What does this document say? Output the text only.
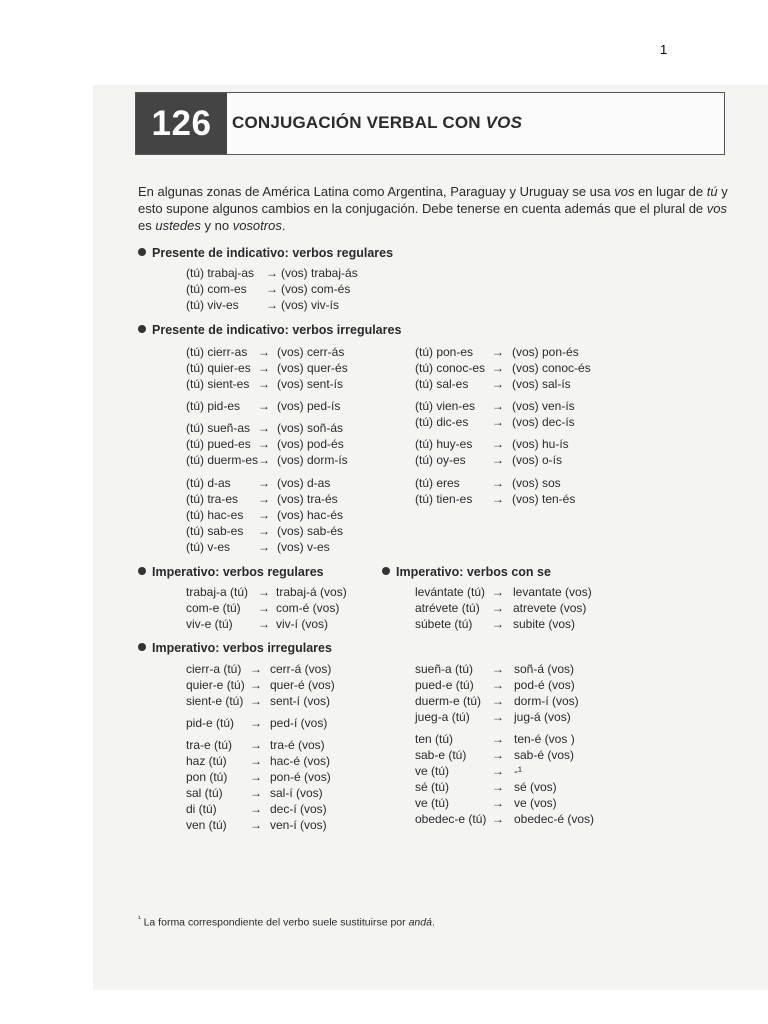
1
126	CONJUGACIÓN VERBAL CON VOS
En algunas zonas de América Latina como Argentina, Paraguay y Uruguay se usa vos en lugar de tú y esto supone algunos cambios en la conjugación. Debe tenerse en cuenta además que el plural de vos es ustedes y no vosotros.
Presente de indicativo: verbos regulares
(tú) trabaj-as → (vos) trabaj-ás
(tú) com-es → (vos) com-és
(tú) viv-es → (vos) viv-ís
Presente de indicativo: verbos irregulares
(tú) cierr-as → (vos) cerr-ás
(tú) quier-es → (vos) quer-és
(tú) sient-es → (vos) sent-ís
(tú) pid-es → (vos) ped-ís
(tú) sueñ-as → (vos) soñ-ás
(tú) pued-es → (vos) pod-és
(tú) duerm-es → (vos) dorm-ís
(tú) d-as → (vos) d-as
(tú) tra-es → (vos) tra-és
(tú) hac-es → (vos) hac-és
(tú) sab-es → (vos) sab-és
(tú) v-es → (vos) v-es
(tú) pon-es → (vos) pon-és
(tú) conoc-es → (vos) conoc-és
(tú) sal-es → (vos) sal-ís
(tú) vien-es → (vos) ven-ís
(tú) dic-es → (vos) dec-ís
(tú) huy-es → (vos) hu-ís
(tú) oy-es → (vos) o-ís
(tú) eres	→ (vos) sos
(tú) tien-es → (vos) ten-és
Imperativo: verbos regulares	Imperativo: verbos con se
trabaj-a (tú) → trabaj-á (vos)
com-e (tú) → com-é (vos)
viv-e (tú) → viv-í (vos)
levántate (tú) → levantate (vos)
atrévete (tú) → atrevete (vos)
súbete (tú) → subite (vos)
Imperativo: verbos irregulares
cierr-a (tú) → cerr-á (vos)
quier-e (tú) → quer-é (vos)
sient-e (tú) → sent-í (vos)
pid-e (tú) → ped-í (vos)
tra-e (tú) → tra-é (vos)
haz (tú) → hac-é (vos)
pon (tú) → pon-é (vos)
sal (tú) → sal-í (vos)
di (tú)	→ dec-í (vos)
ven (tú) → ven-í (vos)
sueñ-a (tú) → soñ-á (vos)
pued-e (tú) → pod-é (vos)
duerm-e (tú) → dorm-í (vos)
jueg-a (tú) → jug-á (vos)
ten (tú)	→ ten-é (vos )
sab-e (tú) → sab-é (vos)
ve (tú)	→ -¹
sé (tú)	→ sé (vos)
ve (tú)	→ ve (vos)
obedec-e (tú) → obedec-é (vos)
$^{^1}$ La forma correspondiente del verbo suele sustituirse por andá.
